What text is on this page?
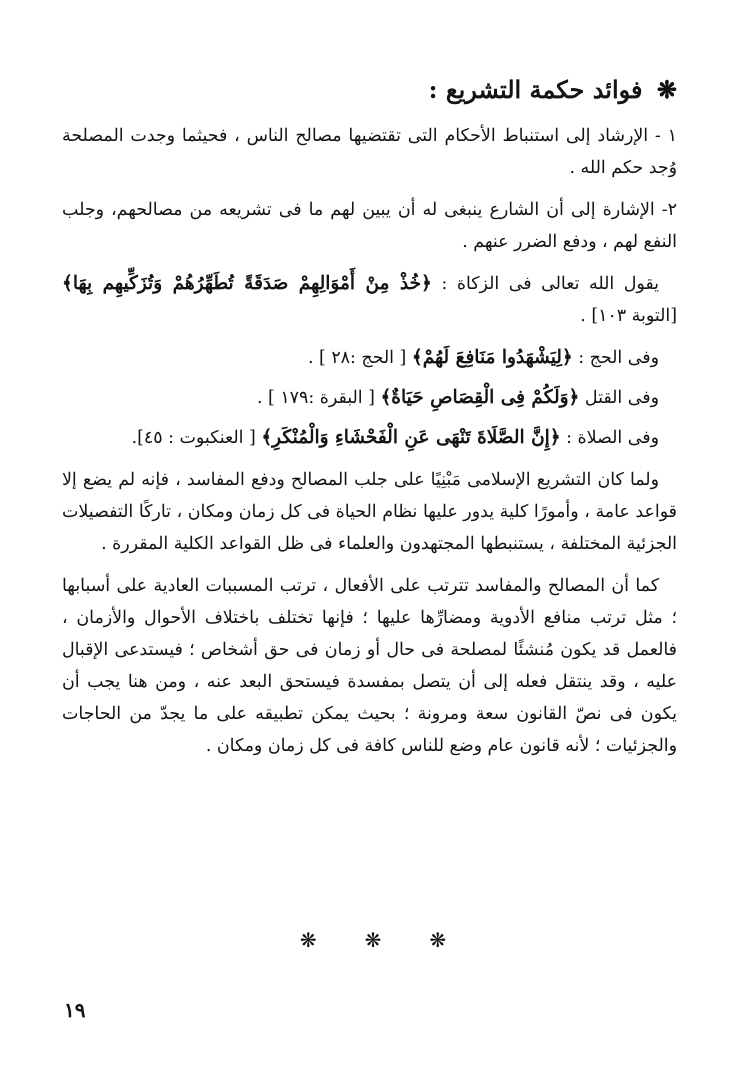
❋ فوائد حكمة التشريع :

١ - الإرشاد إلى استنباط الأحكام التى تقتضيها مصالح الناس ، فحيثما وجدت المصلحة وُجد حكم الله .

٢- الإشارة إلى أن الشارع ينبغى له أن يبين لهم ما فى تشريعه من مصالحهم، وجلب النفع لهم ، ودفع الضرر عنهم .

يقول الله تعالى فى الزكاة : ﴿خُذْ مِنْ أَمْوَالِهِمْ صَدَقَةً تُطَهِّرُهُمْ وَتُزَكِّيهِم بِهَا﴾ [التوبة ١٠٣] .

وفى الحج : ﴿لِيَشْهَدُوا مَنَافِعَ لَهُمْ﴾ [ الحج :٢٨ ] .
وفى القتل ﴿وَلَكُمْ فِى الْقِصَاصِ حَيَاةٌ﴾ [ البقرة :١٧٩ ] .
وفى الصلاة : ﴿إِنَّ الصَّلَاةَ تَنْهَى عَنِ الْفَحْشَاءِ وَالْمُنْكَرِ﴾ [ العنكبوت : ٤٥].

ولما كان التشريع الإسلامى مَبْنِيًا على جلب المصالح ودفع المفاسد ، فإنه لم يضع إلا قواعد عامة ، وأمورًا كلية يدور عليها نظام الحياة فى كل زمان ومكان ، تاركًا التفصيلات الجزئية المختلفة ، يستنبطها المجتهدون والعلماء فى ظل القواعد الكلية المقررة .

كما أن المصالح والمفاسد تترتب على الأفعال ، ترتب المسببات العادية على أسبابها ؛ مثل ترتب منافع الأدوية ومضارِّها عليها ؛ فإنها تختلف باختلاف الأحوال والأزمان ، فالعمل قد يكون مُنشئًا لمصلحة فى حال أو زمان فى حق أشخاص ؛ فيستدعى الإقبال عليه ، وقد ينتقل فعله إلى أن يتصل بمفسدة فيستحق البعد عنه ، ومن هنا يجب أن يكون فى نصّ القانون سعة ومرونة ؛ بحيث يمكن تطبيقه على ما يجدّ من الحاجات والجزئيات ؛ لأنه قانون عام وضع للناس كافة فى كل زمان ومكان .

❋ ❋ ❋
١٩
